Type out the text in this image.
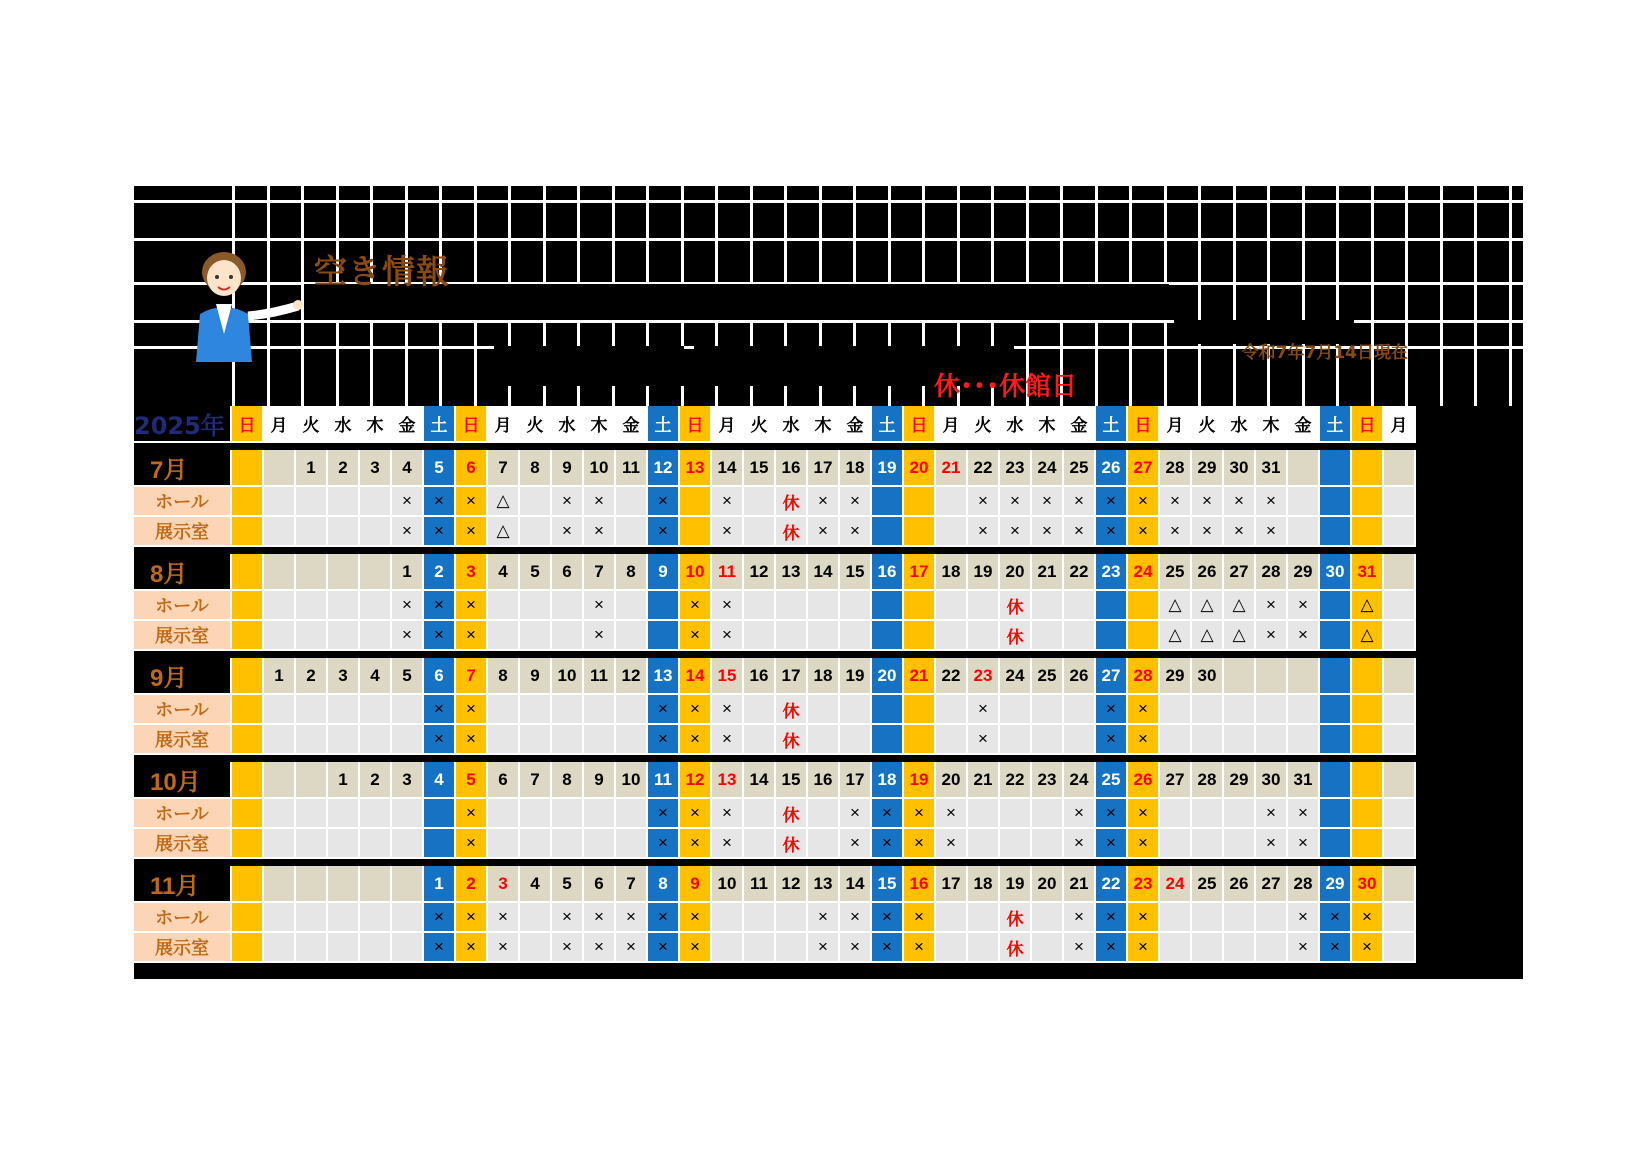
空き情報
令和7年7月14日現在
休･･･休館日
2025年	日	月	火	水	木	金	土	日	月	火	水	木	金	土	日	月	火	水	木	金	土	日	月	火	水	木	金	土	日	月	火	水	木	金	土	日	月

7月			1	2	3	4	5	6	7	8	9	10	11	12	13	14	15	16	17	18	19	20	21	22	23	24	25	26	27	28	29	30	31				
ホール						×	×	×	△		×	×		×		×		休	×	×				×	×	×	×	×	×	×	×	×	×				
展示室						×	×	×	△		×	×		×		×		休	×	×				×	×	×	×	×	×	×	×	×	×				

8月						1	2	3	4	5	6	7	8	9	10	11	12	13	14	15	16	17	18	19	20	21	22	23	24	25	26	27	28	29	30	31	
ホール						×	×	×				×			×	×									休					△	△	△	×	×		△	
展示室						×	×	×				×			×	×									休					△	△	△	×	×		△	

9月		1	2	3	4	5	6	7	8	9	10	11	12	13	14	15	16	17	18	19	20	21	22	23	24	25	26	27	28	29	30						
ホール							×	×						×	×	×		休						×				×	×								
展示室							×	×						×	×	×		休						×				×	×								

10月				1	2	3	4	5	6	7	8	9	10	11	12	13	14	15	16	17	18	19	20	21	22	23	24	25	26	27	28	29	30	31			
ホール								×						×	×	×		休		×	×	×	×				×	×	×				×	×			
展示室								×						×	×	×		休		×	×	×	×				×	×	×				×	×			

11月							1	2	3	4	5	6	7	8	9	10	11	12	13	14	15	16	17	18	19	20	21	22	23	24	25	26	27	28	29	30	
ホール							×	×	×		×	×	×	×	×				×	×	×	×			休		×	×	×					×	×	×	
展示室							×	×	×		×	×	×	×	×				×	×	×	×			休		×	×	×					×	×	×	
